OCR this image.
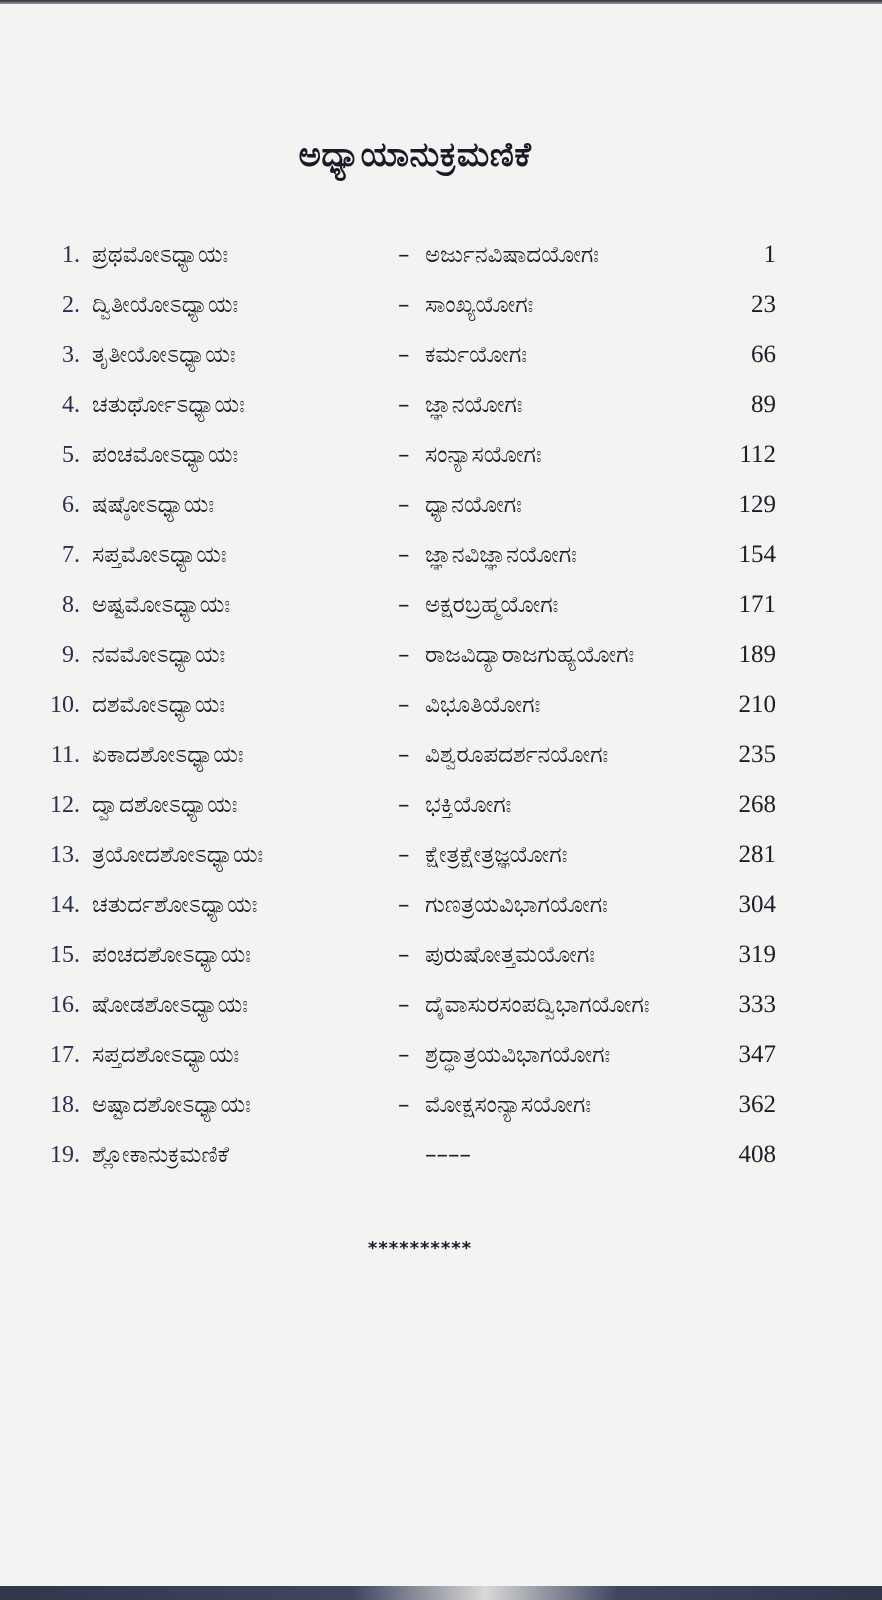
ಅಧ್ಯಾಯಾನುಕ್ರಮಣಿಕೆ
1. ಪ್ರಥಮೋಽಧ್ಯಾಯಃ	– ಅರ್ಜುನವಿಷಾದಯೋಗಃ	1
2. ದ್ವಿತೀಯೋಽಧ್ಯಾಯಃ	– ಸಾಂಖ್ಯಯೋಗಃ	23
3. ತೃತೀಯೋಽಧ್ಯಾಯಃ	– ಕರ್ಮಯೋಗಃ	66
4. ಚತುರ್ಥೋಽಧ್ಯಾಯಃ	– ಜ್ಞಾನಯೋಗಃ	89
5. ಪಂಚಮೋಽಧ್ಯಾಯಃ	– ಸಂನ್ಯಾಸಯೋಗಃ	112
6. ಷಷ್ಠೋಽಧ್ಯಾಯಃ	– ಧ್ಯಾನಯೋಗಃ	129
7. ಸಪ್ತಮೋಽಧ್ಯಾಯಃ	– ಜ್ಞಾನವಿಜ್ಞಾನಯೋಗಃ	154
8. ಅಷ್ಟಮೋಽಧ್ಯಾಯಃ	– ಅಕ್ಷರಬ್ರಹ್ಮಯೋಗಃ	171
9. ನವಮೋಽಧ್ಯಾಯಃ	– ರಾಜವಿದ್ಯಾರಾಜಗುಹ್ಯಯೋಗಃ	189
10. ದಶಮೋಽಧ್ಯಾಯಃ	– ವಿಭೂತಿಯೋಗಃ	210
11. ಏಕಾದಶೋಽಧ್ಯಾಯಃ	– ವಿಶ್ವರೂಪದರ್ಶನಯೋಗಃ	235
12. ದ್ವಾದಶೋಽಧ್ಯಾಯಃ	– ಭಕ್ತಿಯೋಗಃ	268
13. ತ್ರಯೋದಶೋಽಧ್ಯಾಯಃ	– ಕ್ಷೇತ್ರಕ್ಷೇತ್ರಜ್ಞಯೋಗಃ	281
14. ಚತುರ್ದಶೋಽಧ್ಯಾಯಃ	– ಗುಣತ್ರಯವಿಭಾಗಯೋಗಃ	304
15. ಪಂಚದಶೋಽಧ್ಯಾಯಃ	– ಪುರುಷೋತ್ತಮಯೋಗಃ	319
16. ಷೋಡಶೋಽಧ್ಯಾಯಃ	– ದೈವಾಸುರಸಂಪದ್ವಿಭಾಗಯೋಗಃ	333
17. ಸಪ್ತದಶೋಽಧ್ಯಾಯಃ	– ಶ್ರದ್ಧಾತ್ರಯವಿಭಾಗಯೋಗಃ	347
18. ಅಷ್ಟಾದಶೋಽಧ್ಯಾಯಃ	– ಮೋಕ್ಷಸಂನ್ಯಾಸಯೋಗಃ	362
19. ಶ್ಲೋಕಾನುಕ್ರಮಣಿಕೆ	––––	408
**********
